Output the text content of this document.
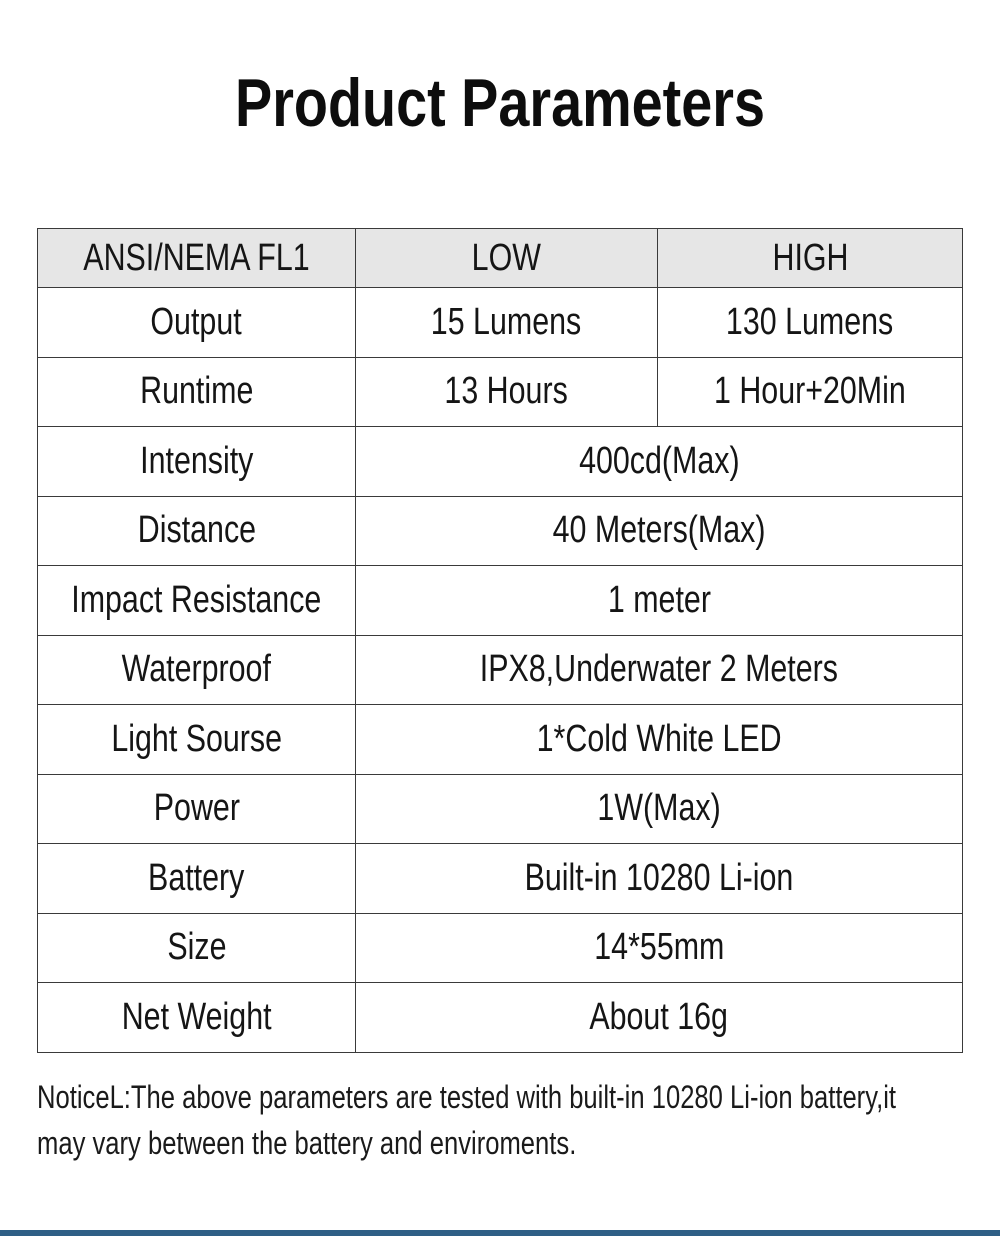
Product Parameters
ANSI/NEMA FL1	LOW	HIGH
Output	15 Lumens	130 Lumens
Runtime	13 Hours	1 Hour+20Min
Intensity	400cd(Max)	
Distance	40 Meters(Max)	
Impact Resistance	1 meter	
Waterproof	IPX8,Underwater 2 Meters	
Light Sourse	1*Cold White LED	
Power	1W(Max)	
Battery	Built-in 10280 Li-ion	
Size	14*55mm	
Net Weight	About 16g	
NoticeL:The above parameters are tested with built-in 10280 Li-ion battery,it
may vary between the battery and enviroments.
